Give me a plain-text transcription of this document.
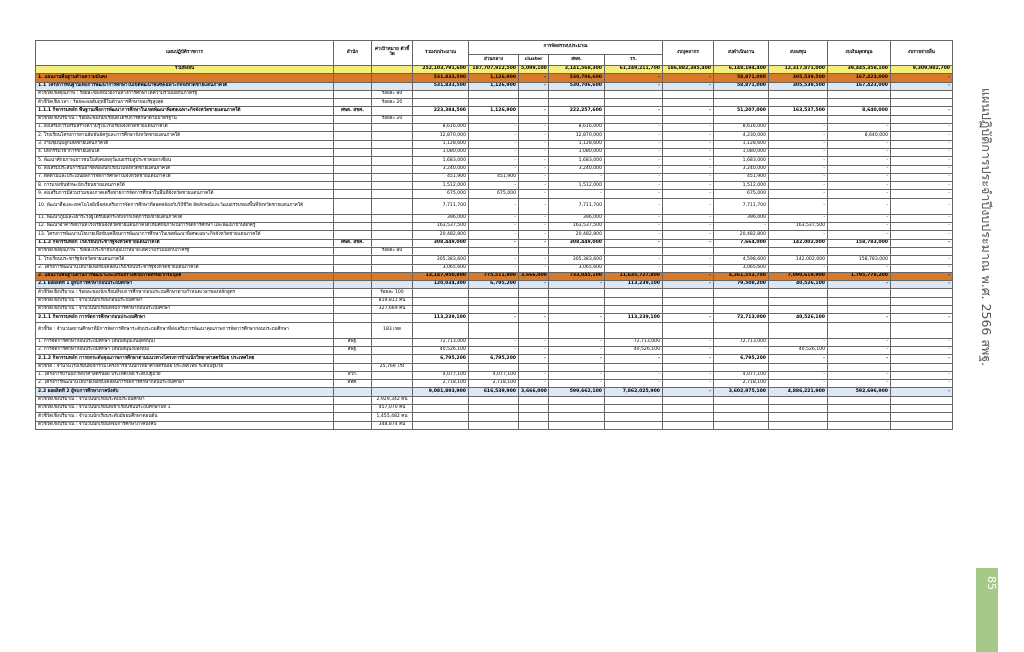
แผนปฏิบัติราชการ	สำนัก	ค่าเป้าหมาย ตัวชี้วัด	รวมงบประมาณ	การจัดสรรงบประมาณ				งบบุคลากร	งบดำเนินงาน	งบลงทุน	งบเงินอุดหนุน	งบรายจ่ายอื่น
				ส่วนกลาง	cluster	สพท.	รร.					
รวมทั้งสิ้น			252,103,791,600	187,707,912,500	5,099,100	3,141,568,300	61,249,211,700	186,882,385,400	6,148,194,400	12,317,871,000	39,445,358,100	9,309,982,700
1. แผนงานพื้นฐานด้านความมั่นคง			531,833,500	1,126,900	-	530,706,600	-	-	58,871,000	305,539,500	167,423,000	-
1.1 โครงการพื้นฐานเพื่อการพัฒนาการศึกษาในเขตพัฒนาพิเศษเฉพาะกิจจังหวัดชายแดนภาคใต้			531,833,500	1,126,900	-	530,706,600	-	-	58,871,000	305,539,500	167,423,000	-
ตัวชี้วัดเชิงคุณภาพ : ร้อยละของหน่วยงานทางการศึกษาได้ความร่วมมือกับภาครัฐ		ร้อยละ 80										
ตัวชี้วัดเชิงเวลา : ร้อยละผลสัมฤทธิ์ในด้านการศึกษาของรัฐสูงสุด		ร้อยละ 20										
1.1.1 กิจกรรมหลัก พื้นฐานเพื่อการพัฒนาการศึกษาในเขตพัฒนาพิเศษเฉพาะกิจจังหวัดชายแดนภาคใต้	ศพต. สชศ.		223,384,500	1,126,900	-	222,257,600	-	-	51,207,000	163,537,500	8,640,000	-
ตัวชี้วัดเชิงปริมาณ : ร้อยละของนักเรียนที่ได้รับการศึกษาตามมาตรฐาน		ร้อยละ 20										
1. ส่งเสริมการเสริมสร้างความรู้ในโรงเรียนจังหวัดชายแดนภาคใต้			8,616,000	-	-	8,616,000	-	-	8,616,000	-	-	-
2. โรงเรียนโครงการสานสัมพันธ์ครูและการศึกษาจังหวัดชายแดนภาคใต้			12,870,000	-	-	12,870,000	-	-	4,230,000	-	8,640,000	-
3. งานชุมนุมลูกเสือชายแดนภาคใต้			1,128,600	-	-	1,128,600	-	-	1,128,600	-	-	-
4. มหกรรมวิชาการชายแดนใต้			1,080,000	-	-	1,080,000	-	-	1,080,000	-	-	-
5. พัฒนาศักยภาพเยาวชนในสังคมพหุวัฒนธรรมสู่ประชาคมอาเซียน			1,683,000	-	-	1,683,000	-	-	1,683,000	-	-	-
6. ส่งเสริมประสบการณ์อาชีพของนักเรียนในจังหวัดชายแดนภาคใต้			3,240,000	-	-	3,240,000	-	-	3,240,000	-	-	-
7. ติดตามและประเมินผลการจัดการศึกษาในจังหวัดชายแดนภาคใต้			451,900	451,900	-	-	-	-	451,900	-	-	-
8. การแข่งขันทักษะนักเรียนชายแดนภาคใต้			1,512,000	-	-	1,512,000	-	-	1,512,000	-	-	-
9. ส่งเสริมการมีส่วนร่วมของภาคเครือข่ายการจัดการศึกษาในพื้นที่จังหวัดชายแดนภาคใต้			675,000	675,000	-	-	-	-	675,000	-	-	-
10. พัฒนาสื่อและเทคโนโลยีเพื่อส่งเสริมการจัดการศึกษาที่สอดคล้องกับวิถีชีวิต อัตลักษณ์และวัฒนธรรมของพื้นที่จังหวัดชายแดนภาคใต้			7,711,700	-	-	7,711,700	-	-	7,711,700	-	-	-
11. พัฒนาภูมิและเฝ้าระวังผู้ได้รับผลกระทบจากเหตุการณ์ชายแดนภาคใต้			396,000	-	-	396,000	-	-	396,000	-	-	-
12. พัฒนาอาคารสถานที่โรงเรียนจังหวัดชายแดนภาคใต้ให้มีศักยภาพในการจัดการศึกษา และพัฒนาบ้านพักครู			163,537,500	-	-	163,537,500	-	-	-	163,537,500	-	-
13. โครงการพัฒนานโยบายเพื่อขับเคลื่อนการพัฒนาการศึกษาในเขตพัฒนาพิเศษเฉพาะกิจจังหวัดชายแดนภาคใต้			20,482,800	-	-	20,482,800	-	-	20,482,800	-	-	-
1.1.2 กิจกรรมหลัก โรงเรียนประชารัฐจังหวัดชายแดนภาคใต้	ศพต. สชศ.		308,449,000	-	-	308,449,000	-	-	7,664,000	142,002,000	158,783,000	-
ตัวชี้วัดเชิงคุณภาพ : ร้อยละประชาชนกลุ่มเป้าหมายได้ความร่วมมือกับภาครัฐ		ร้อยละ 80										
1. โรงเรียนประชารัฐจังหวัดชายแดนภาคใต้			305,383,600	-	-	305,383,600	-	-	4,598,600	142,002,000	158,783,000	-
2. โครงการพัฒนานโยบายเพื่อขับเคลื่อนโรงเรียนประชารัฐจังหวัดชายแดนภาคใต้			3,065,600	-	-	3,065,600	-	-	3,065,600	-	-	-
2. แผนงานพื้นฐานด้านการพัฒนาและเสริมสร้างศักยภาพทรัพยากรมนุษย์			13,147,950,800	775,511,900	3,666,000	733,045,100	11,635,727,800	-	4,261,552,700	7,090,619,900	1,795,778,200	-
2.1 ผลผลิตที่ 1 ผู้จบการศึกษาก่อนประถมศึกษา			120,034,300	6,795,200	-	-	113,239,100	-	79,508,200	40,526,100	-	-
ตัวชี้วัดเชิงปริมาณ : ร้อยละของนักเรียนที่จบการศึกษาก่อนประถมศึกษาตามกำหนดเวลาของหลักสูตร		ร้อยละ 100										
ตัวชี้วัดเชิงปริมาณ : จำนวนนักเรียนก่อนประถมศึกษา		819,811 คน										
ตัวชี้วัดเชิงปริมาณ : จำนวนนักเรียนที่จบการศึกษาก่อนประถมศึกษา		327,669 คน										
2.1.1 กิจกรรมหลัก การจัดการศึกษาก่อนประถมศึกษา			113,239,100	-	-	-	113,239,100	-	72,713,000	40,526,100	-	-
ตัวชี้วัด : จำนวนสถานศึกษาที่มีการจัดการศึกษาระดับประถมศึกษาที่ส่งเสริมการพัฒนาคุณภาพการจัดการศึกษาก่อนประถมศึกษา		183 เขต										
1. การจัดการศึกษาก่อนประถมศึกษา (สนับสนุนเงินอุดหนุน)	สพฐ.		72,713,000	-	-	-	72,713,000	-	72,713,000	-	-	-
2. การจัดการศึกษาก่อนประถมศึกษา (สนับสนุนงบลงทุน)	สพฐ.		40,526,100	-	-	-	40,526,100	-	-	40,526,100	-	-
2.1.2 กิจกรรมหลัก การยกระดับคุณภาพการศึกษาตามแนวทางโครงการบ้านนักวิทยาศาสตร์น้อย ประเทศไทย			6,795,200	6,795,200	-	-	-	-	6,795,200	-	-	-
ตัวชี้วัด : จำนวนโรงเรียนที่เข้าร่วมโครงการบ้านนักวิทยาศาสตร์น้อย ประเทศไทย ระดับปฐมวัย		25,769 โรง										
1. โครงการบ้านนักวิทยาศาสตร์น้อย ประเทศไทย ระดับปฐมวัย	สวก.		4,077,100	4,077,100	-	-	-	-	4,077,100	-	-	-
2. โครงการพัฒนานโยบายเพื่อขับเคลื่อนการจัดการศึกษาก่อนประถมศึกษา	สทศ.		2,718,100	2,718,100	-	-	-	-	2,718,100	-	-	-
2.2 ผลผลิตที่ 2 ผู้จบการศึกษาภาคบังคับ			9,081,893,900	616,539,900	3,666,000	599,662,100	7,862,025,900	-	3,602,975,100	4,886,221,900	592,696,900	-
ตัวชี้วัดเชิงปริมาณ : จำนวนนักเรียนระดับประถมศึกษา		2,929,342 คน										
ตัวชี้วัดเชิงปริมาณ : จำนวนนักเรียนที่เข้าเรียนชั้นประถมศึกษาปีที่ 1		457,070 คน										
ตัวชี้วัดเชิงปริมาณ : จำนวนนักเรียนระดับมัธยมศึกษาตอนต้น		1,455,482 คน										
ตัวชี้วัดเชิงปริมาณ : จำนวนนักเรียนที่จบการศึกษาภาคบังคับ		348,874 คน										
แผนปฏิบัติการประจำปีงบประมาณ พ.ศ. 2566 สพฐ.
85
